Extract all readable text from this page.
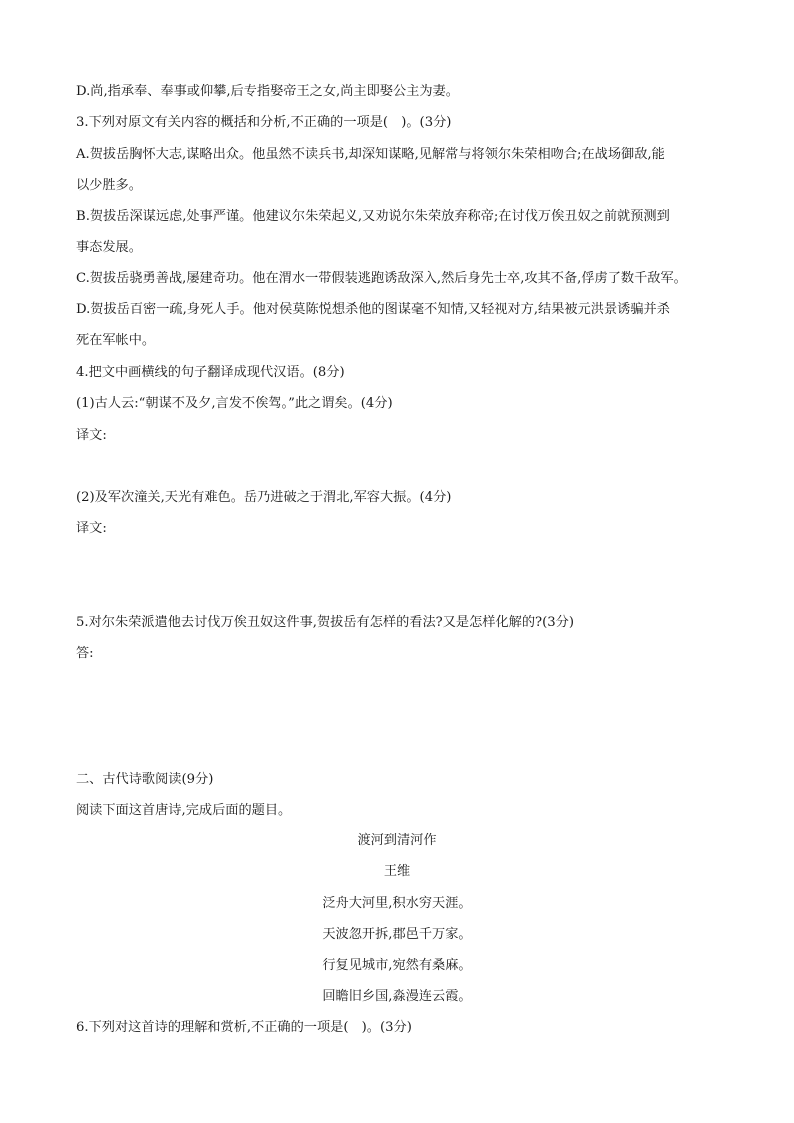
D.尚,指承奉、奉事或仰攀,后专指娶帝王之女,尚主即娶公主为妻。
3.下列对原文有关内容的概括和分析,不正确的一项是(　)。(3分)
A.贺拔岳胸怀大志,谋略出众。他虽然不读兵书,却深知谋略,见解常与将领尔朱荣相吻合;在战场御敌,能
以少胜多。
B.贺拔岳深谋远虑,处事严谨。他建议尔朱荣起义,又劝说尔朱荣放弃称帝;在讨伐万俟丑奴之前就预测到
事态发展。
C.贺拔岳骁勇善战,屡建奇功。他在渭水一带假装逃跑诱敌深入,然后身先士卒,攻其不备,俘虏了数千敌军。
D.贺拔岳百密一疏,身死人手。他对侯莫陈悦想杀他的图谋毫不知情,又轻视对方,结果被元洪景诱骗并杀
死在军帐中。
4.把文中画横线的句子翻译成现代汉语。(8分)
(1)古人云:“朝谋不及夕,言发不俟驾。”此之谓矣。(4分)
译文:
(2)及军次潼关,天光有难色。岳乃进破之于渭北,军容大振。(4分)
译文:
5.对尔朱荣派遣他去讨伐万俟丑奴这件事,贺拔岳有怎样的看法?又是怎样化解的?(3分)
答:
二、古代诗歌阅读(9分)
阅读下面这首唐诗,完成后面的题目。
渡河到清河作
王维
泛舟大河里,积水穷天涯。
天波忽开拆,郡邑千万家。
行复见城市,宛然有桑麻。
回瞻旧乡国,淼漫连云霞。
6.下列对这首诗的理解和赏析,不正确的一项是(　)。(3分)
